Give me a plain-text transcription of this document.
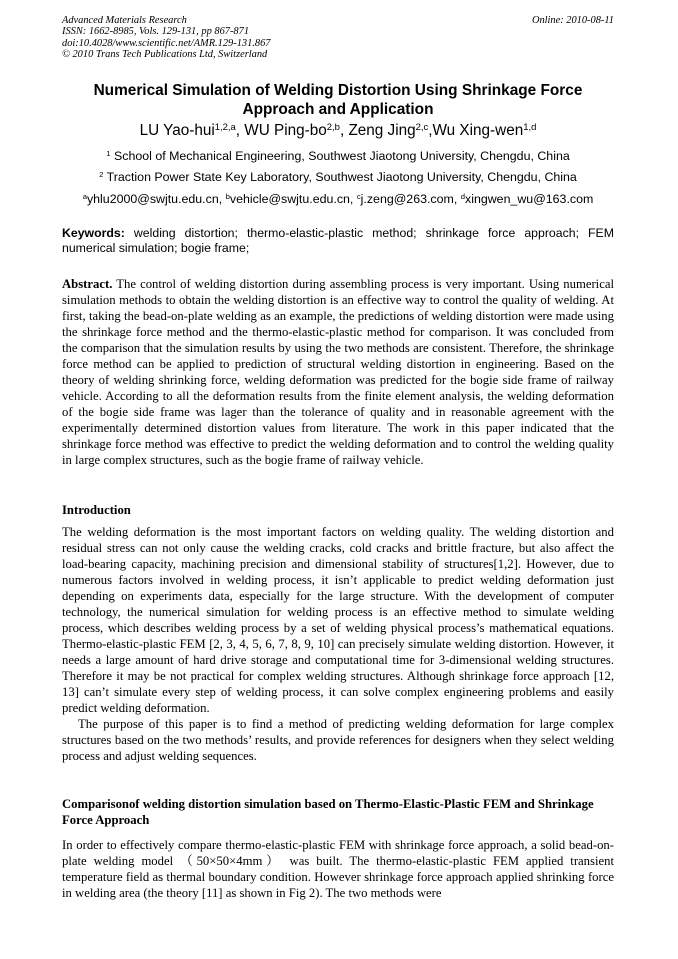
Advanced Materials Research
ISSN: 1662-8985, Vols. 129-131, pp 867-871
doi:10.4028/www.scientific.net/AMR.129-131.867
© 2010 Trans Tech Publications Ltd, Switzerland
Online: 2010-08-11
Numerical Simulation of Welding Distortion Using Shrinkage Force
Approach and Application
LU Yao-hui$^{1,2,a}$, WU Ping-bo$^{2,b}$, Zeng Jing$^{2,c}$,Wu Xing-wen$^{1,d}$
$^1$ School of Mechanical Engineering, Southwest Jiaotong University, Chengdu, China
$^2$ Traction Power State Key Laboratory, Southwest Jiaotong University, Chengdu, China
$^a$yhlu2000@swjtu.edu.cn, $^b$vehicle@swjtu.edu.cn, $^c$j.zeng@263.com, $^d$xingwen_wu@163.com
Keywords: welding distortion; thermo-elastic-plastic method; shrinkage force approach; FEM numerical simulation; bogie frame;

Abstract. The control of welding distortion during assembling process is very important. Using numerical simulation methods to obtain the welding distortion is an effective way to control the quality of welding. At first, taking the bead-on-plate welding as an example, the predictions of welding distortion were made using the shrinkage force method and the thermo-elastic-plastic method for comparison. It was concluded from the comparison that the simulation results by using the two methods are consistent. Therefore, the shrinkage force method can be applied to prediction of structural welding distortion in engineering. Based on the theory of welding shrinking force, welding deformation was predicted for the bogie side frame of railway vehicle. According to all the deformation results from the finite element analysis, the welding deformation of the bogie side frame was lager than the tolerance of quality and in reasonable agreement with the experimentally determined distortion values from literature. The work in this paper indicated that the shrinkage force method was effective to predict the welding deformation and to control the welding quality in large complex structures, such as the bogie frame of railway vehicle.

Introduction

The welding deformation is the most important factors on welding quality. The welding distortion and residual stress can not only cause the welding cracks, cold cracks and brittle fracture, but also affect the load-bearing capacity, machining precision and dimensional stability of structures[1,2]. However, due to numerous factors involved in welding process, it isn’t applicable to predict welding deformation just depending on experiments data, especially for the large structure. With the development of computer technology, the numerical simulation for welding process is an effective method to simulate welding process, which describes welding process by a set of welding physical process’s mathematical equations. Thermo-elastic-plastic FEM [2, 3, 4, 5, 6, 7, 8, 9, 10] can precisely simulate welding distortion. However, it needs a large amount of hard drive storage and computational time for 3-dimensional welding structures. Therefore it may be not practical for complex welding structures. Although shrinkage force approach [12, 13] can’t simulate every step of welding process, it can solve complex engineering problems and easily predict welding deformation.

The purpose of this paper is to find a method of predicting welding deformation for large complex structures based on the two methods’ results, and provide references for designers when they select welding process and adjust welding sequences.

Comparisonof welding distortion simulation based on Thermo-Elastic-Plastic FEM and Shrinkage Force Approach

In order to effectively compare thermo-elastic-plastic FEM with shrinkage force approach, a solid bead-on-plate welding model （50×50×4mm） was built. The thermo-elastic-plastic FEM applied transient temperature field as thermal boundary condition. However shrinkage force approach applied shrinking force in welding area (the theory [11] as shown in Fig 2). The two methods were
